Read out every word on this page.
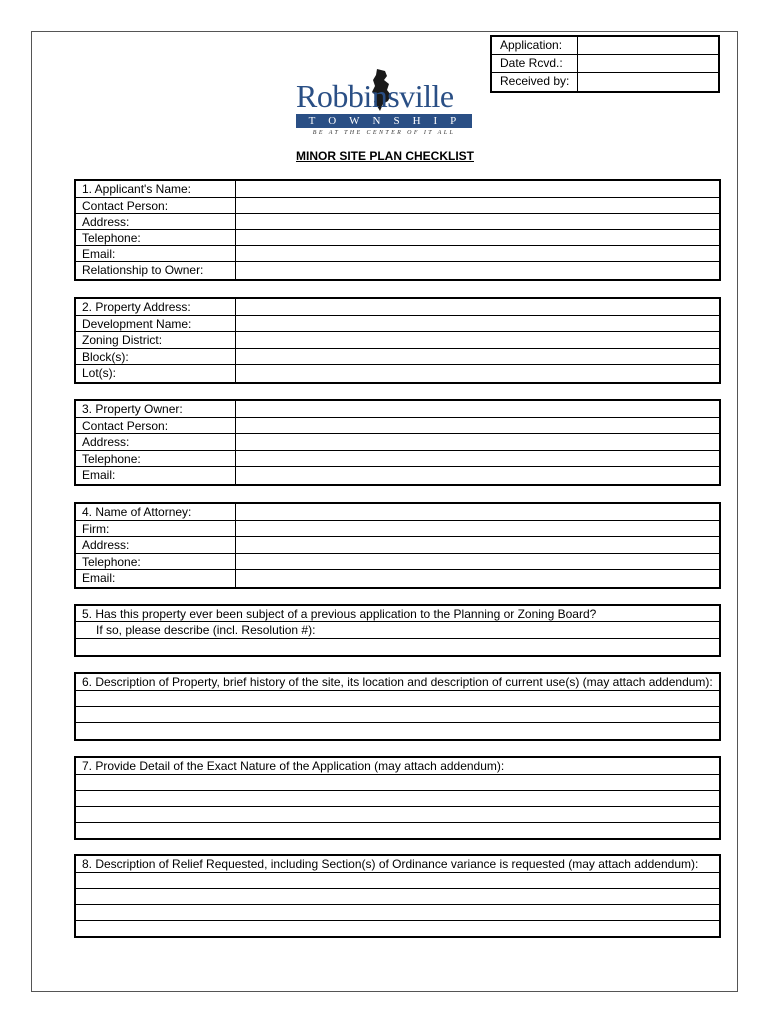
Application:
Date Rcvd.:
Received by:
Robbinsville
TOWNSHIP
BE AT THE CENTER OF IT ALL
MINOR SITE PLAN CHECKLIST
1. Applicant's Name:
Contact Person:
Address:
Telephone:
Email:
Relationship to Owner:
2. Property Address:
Development Name:
Zoning District:
Block(s):
Lot(s):
3. Property Owner:
Contact Person:
Address:
Telephone:
Email:
4. Name of Attorney:
Firm:
Address:
Telephone:
Email:
5. Has this property ever been subject of a previous application to the Planning or Zoning Board?
If so, please describe (incl. Resolution #):
6. Description of Property, brief history of the site, its location and description of current use(s) (may attach addendum):
7. Provide Detail of the Exact Nature of the Application (may attach addendum):
8. Description of Relief Requested, including Section(s) of Ordinance variance is requested (may attach addendum):
